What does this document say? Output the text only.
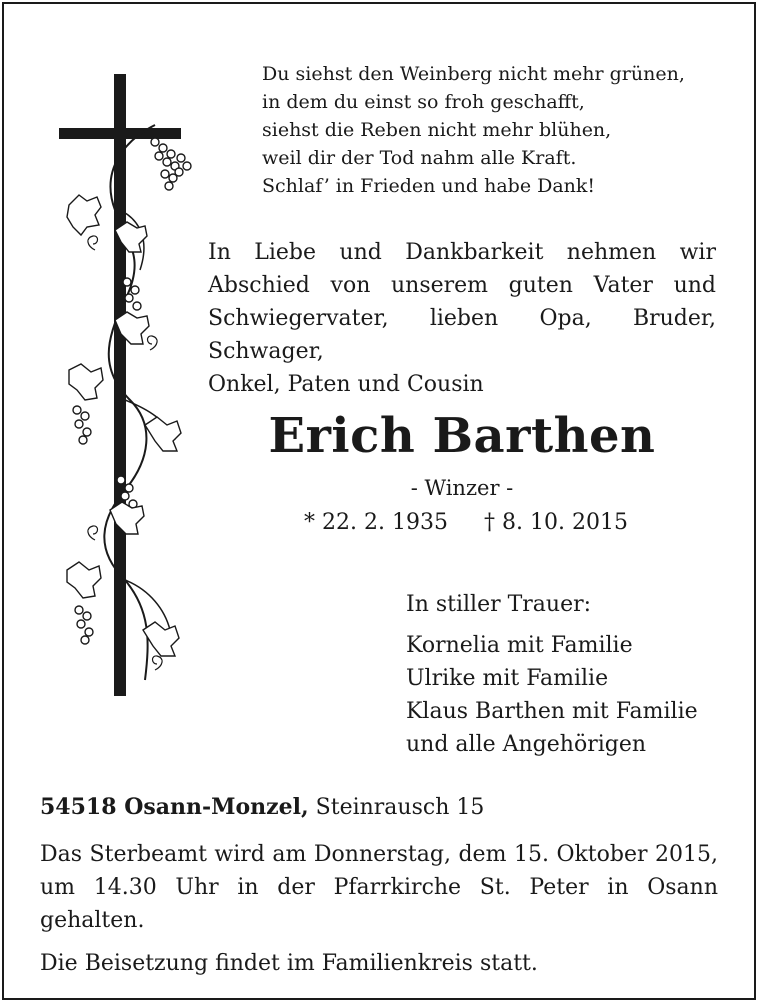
Du siehst den Weinberg nicht mehr grünen,
in dem du einst so froh geschafft,
siehst die Reben nicht mehr blühen,
weil dir der Tod nahm alle Kraft.
Schlaf’ in Frieden und habe Dank!
In Liebe und Dankbarkeit nehmen wir
Abschied von unserem guten Vater und
Schwiegervater, lieben Opa, Bruder, Schwager,
Onkel, Paten und Cousin
Erich Barthen
- Winzer -
* 22. 2. 1935 † 8. 10. 2015
In stiller Trauer:
Kornelia mit Familie
Ulrike mit Familie
Klaus Barthen mit Familie
und alle Angehörigen
54518 Osann-Monzel, Steinrausch 15
Das Sterbeamt wird am Donnerstag, dem 15. Oktober 2015,
um 14.30 Uhr in der Pfarrkirche St. Peter in Osann gehalten.
Die Beisetzung findet im Familienkreis statt.
